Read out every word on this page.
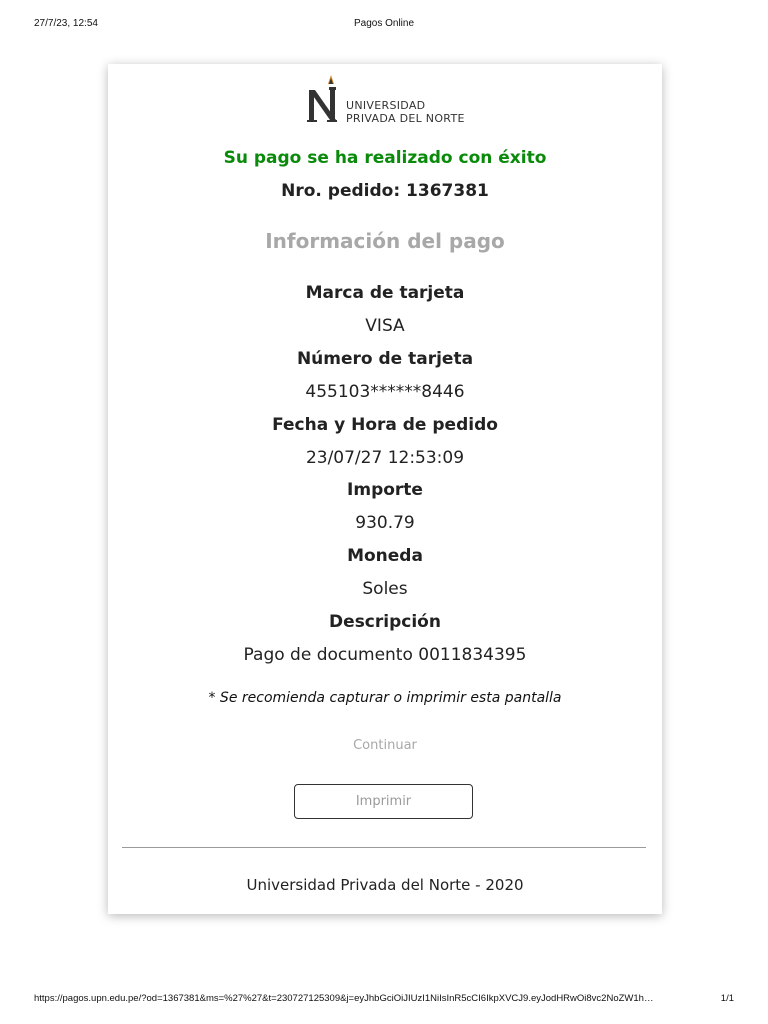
27/7/23, 12:54	Pagos Online
UNIVERSIDAD
PRIVADA DEL NORTE
Su pago se ha realizado con éxito
Nro. pedido: 1367381
Información del pago
Marca de tarjeta
VISA
Número de tarjeta
455103******8446
Fecha y Hora de pedido
23/07/27 12:53:09
Importe
930.79
Moneda
Soles
Descripción
Pago de documento 0011834395
* Se recomienda capturar o imprimir esta pantalla
Continuar
Imprimir
Universidad Privada del Norte - 2020
https://pagos.upn.edu.pe/?od=1367381&ms=%27%27&t=230727125309&j=eyJhbGciOiJIUzI1NiIsInR5cCI6IkpXVCJ9.eyJodHRwOi8vc2NoZW1h…	1/1
